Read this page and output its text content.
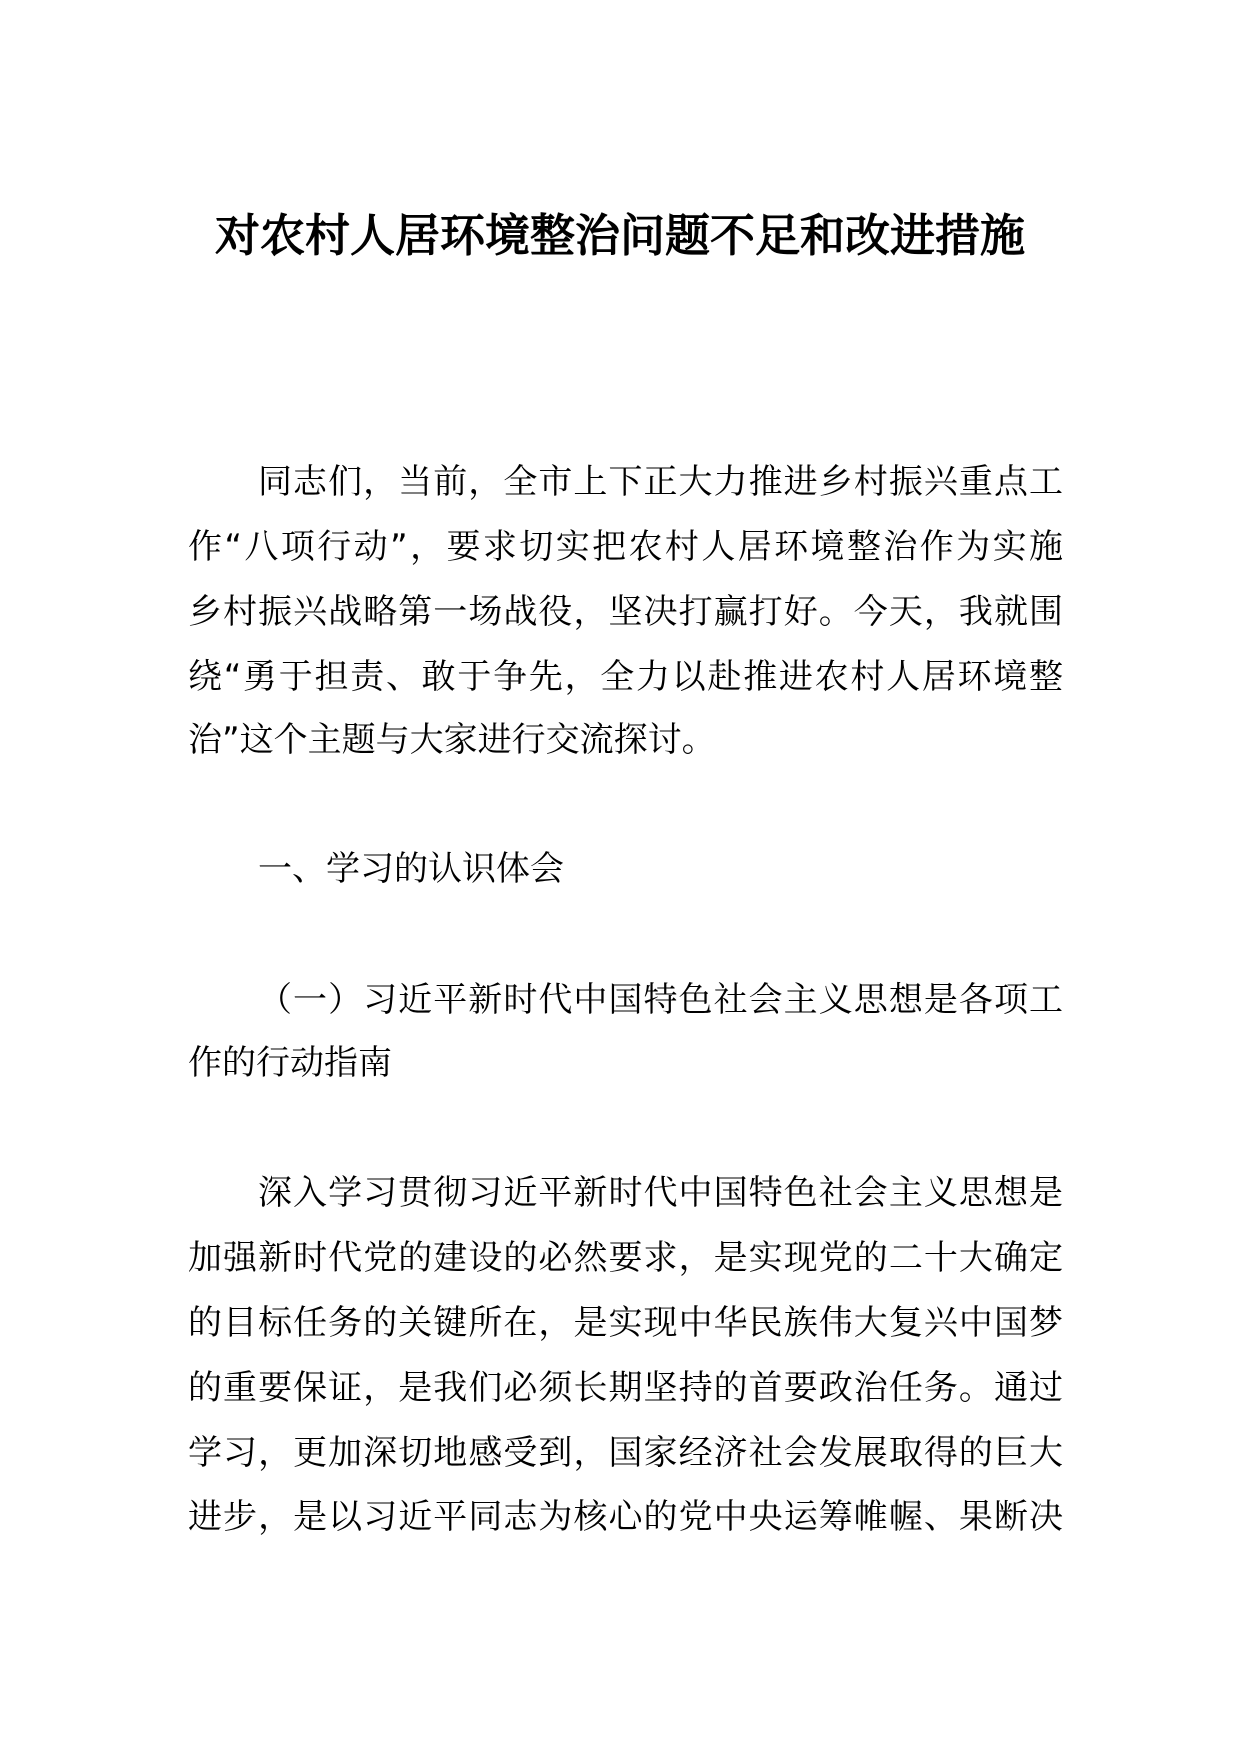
对农村人居环境整治问题不足和改进措施
同志们，当前，全市上下正大力推进乡村振兴重点工
作“八项行动”，要求切实把农村人居环境整治作为实施
乡村振兴战略第一场战役，坚决打赢打好。今天，我就围
绕“勇于担责、敢于争先，全力以赴推进农村人居环境整
治”这个主题与大家进行交流探讨。
一、学习的认识体会
（一）习近平新时代中国特色社会主义思想是各项工
作的行动指南
深入学习贯彻习近平新时代中国特色社会主义思想是
加强新时代党的建设的必然要求，是实现党的二十大确定
的目标任务的关键所在，是实现中华民族伟大复兴中国梦
的重要保证，是我们必须长期坚持的首要政治任务。通过
学习，更加深切地感受到，国家经济社会发展取得的巨大
进步，是以习近平同志为核心的党中央运筹帷幄、果断决
